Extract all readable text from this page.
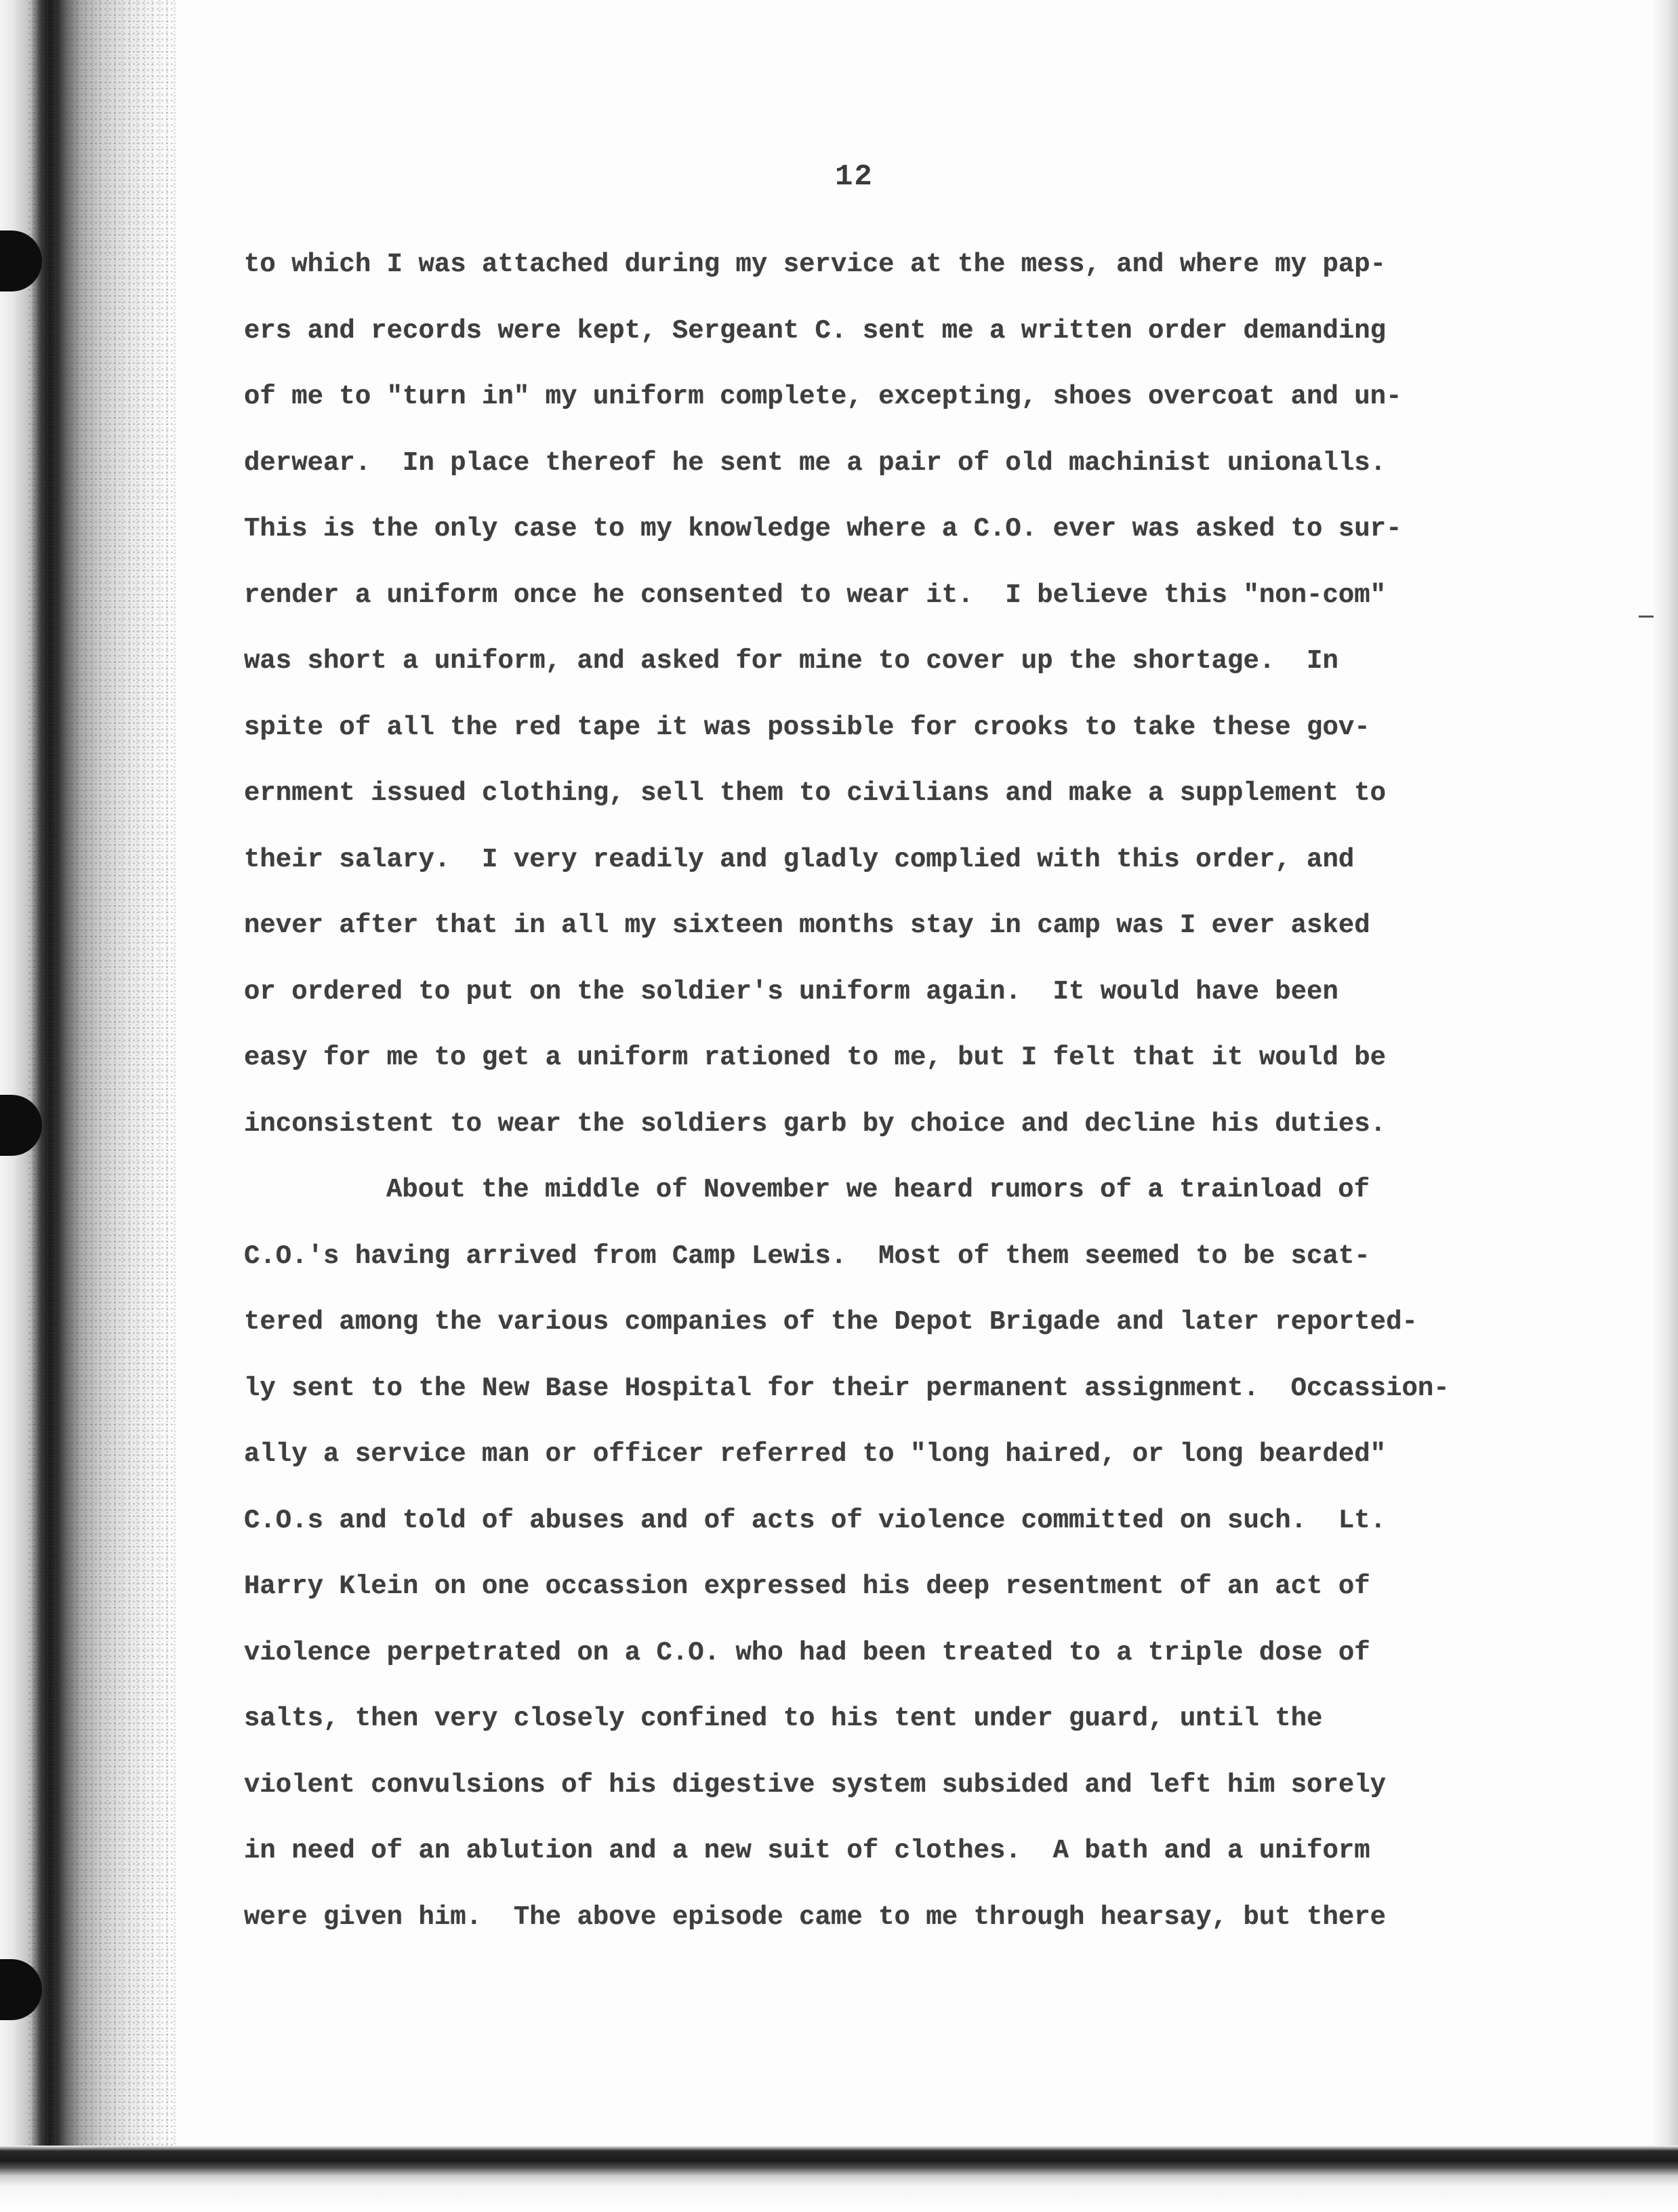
12
to which I was attached during my service at the mess, and where my pap-
ers and records were kept, Sergeant C. sent me a written order demanding
of me to "turn in" my uniform complete, excepting, shoes overcoat and un-
derwear.  In place thereof he sent me a pair of old machinist unionalls.
This is the only case to my knowledge where a C.O. ever was asked to sur-
render a uniform once he consented to wear it.  I believe this "non-com"
was short a uniform, and asked for mine to cover up the shortage.  In
spite of all the red tape it was possible for crooks to take these gov-
ernment issued clothing, sell them to civilians and make a supplement to
their salary.  I very readily and gladly complied with this order, and
never after that in all my sixteen months stay in camp was I ever asked
or ordered to put on the soldier's uniform again.  It would have been
easy for me to get a uniform rationed to me, but I felt that it would be
inconsistent to wear the soldiers garb by choice and decline his duties.
About the middle of November we heard rumors of a trainload of
C.O.'s having arrived from Camp Lewis.  Most of them seemed to be scat-
tered among the various companies of the Depot Brigade and later reported-
ly sent to the New Base Hospital for their permanent assignment.  Occassion-
ally a service man or officer referred to "long haired, or long bearded"
C.O.s and told of abuses and of acts of violence committed on such.  Lt.
Harry Klein on one occassion expressed his deep resentment of an act of
violence perpetrated on a C.O. who had been treated to a triple dose of
salts, then very closely confined to his tent under guard, until the
violent convulsions of his digestive system subsided and left him sorely
in need of an ablution and a new suit of clothes.  A bath and a uniform
were given him.  The above episode came to me through hearsay, but there
